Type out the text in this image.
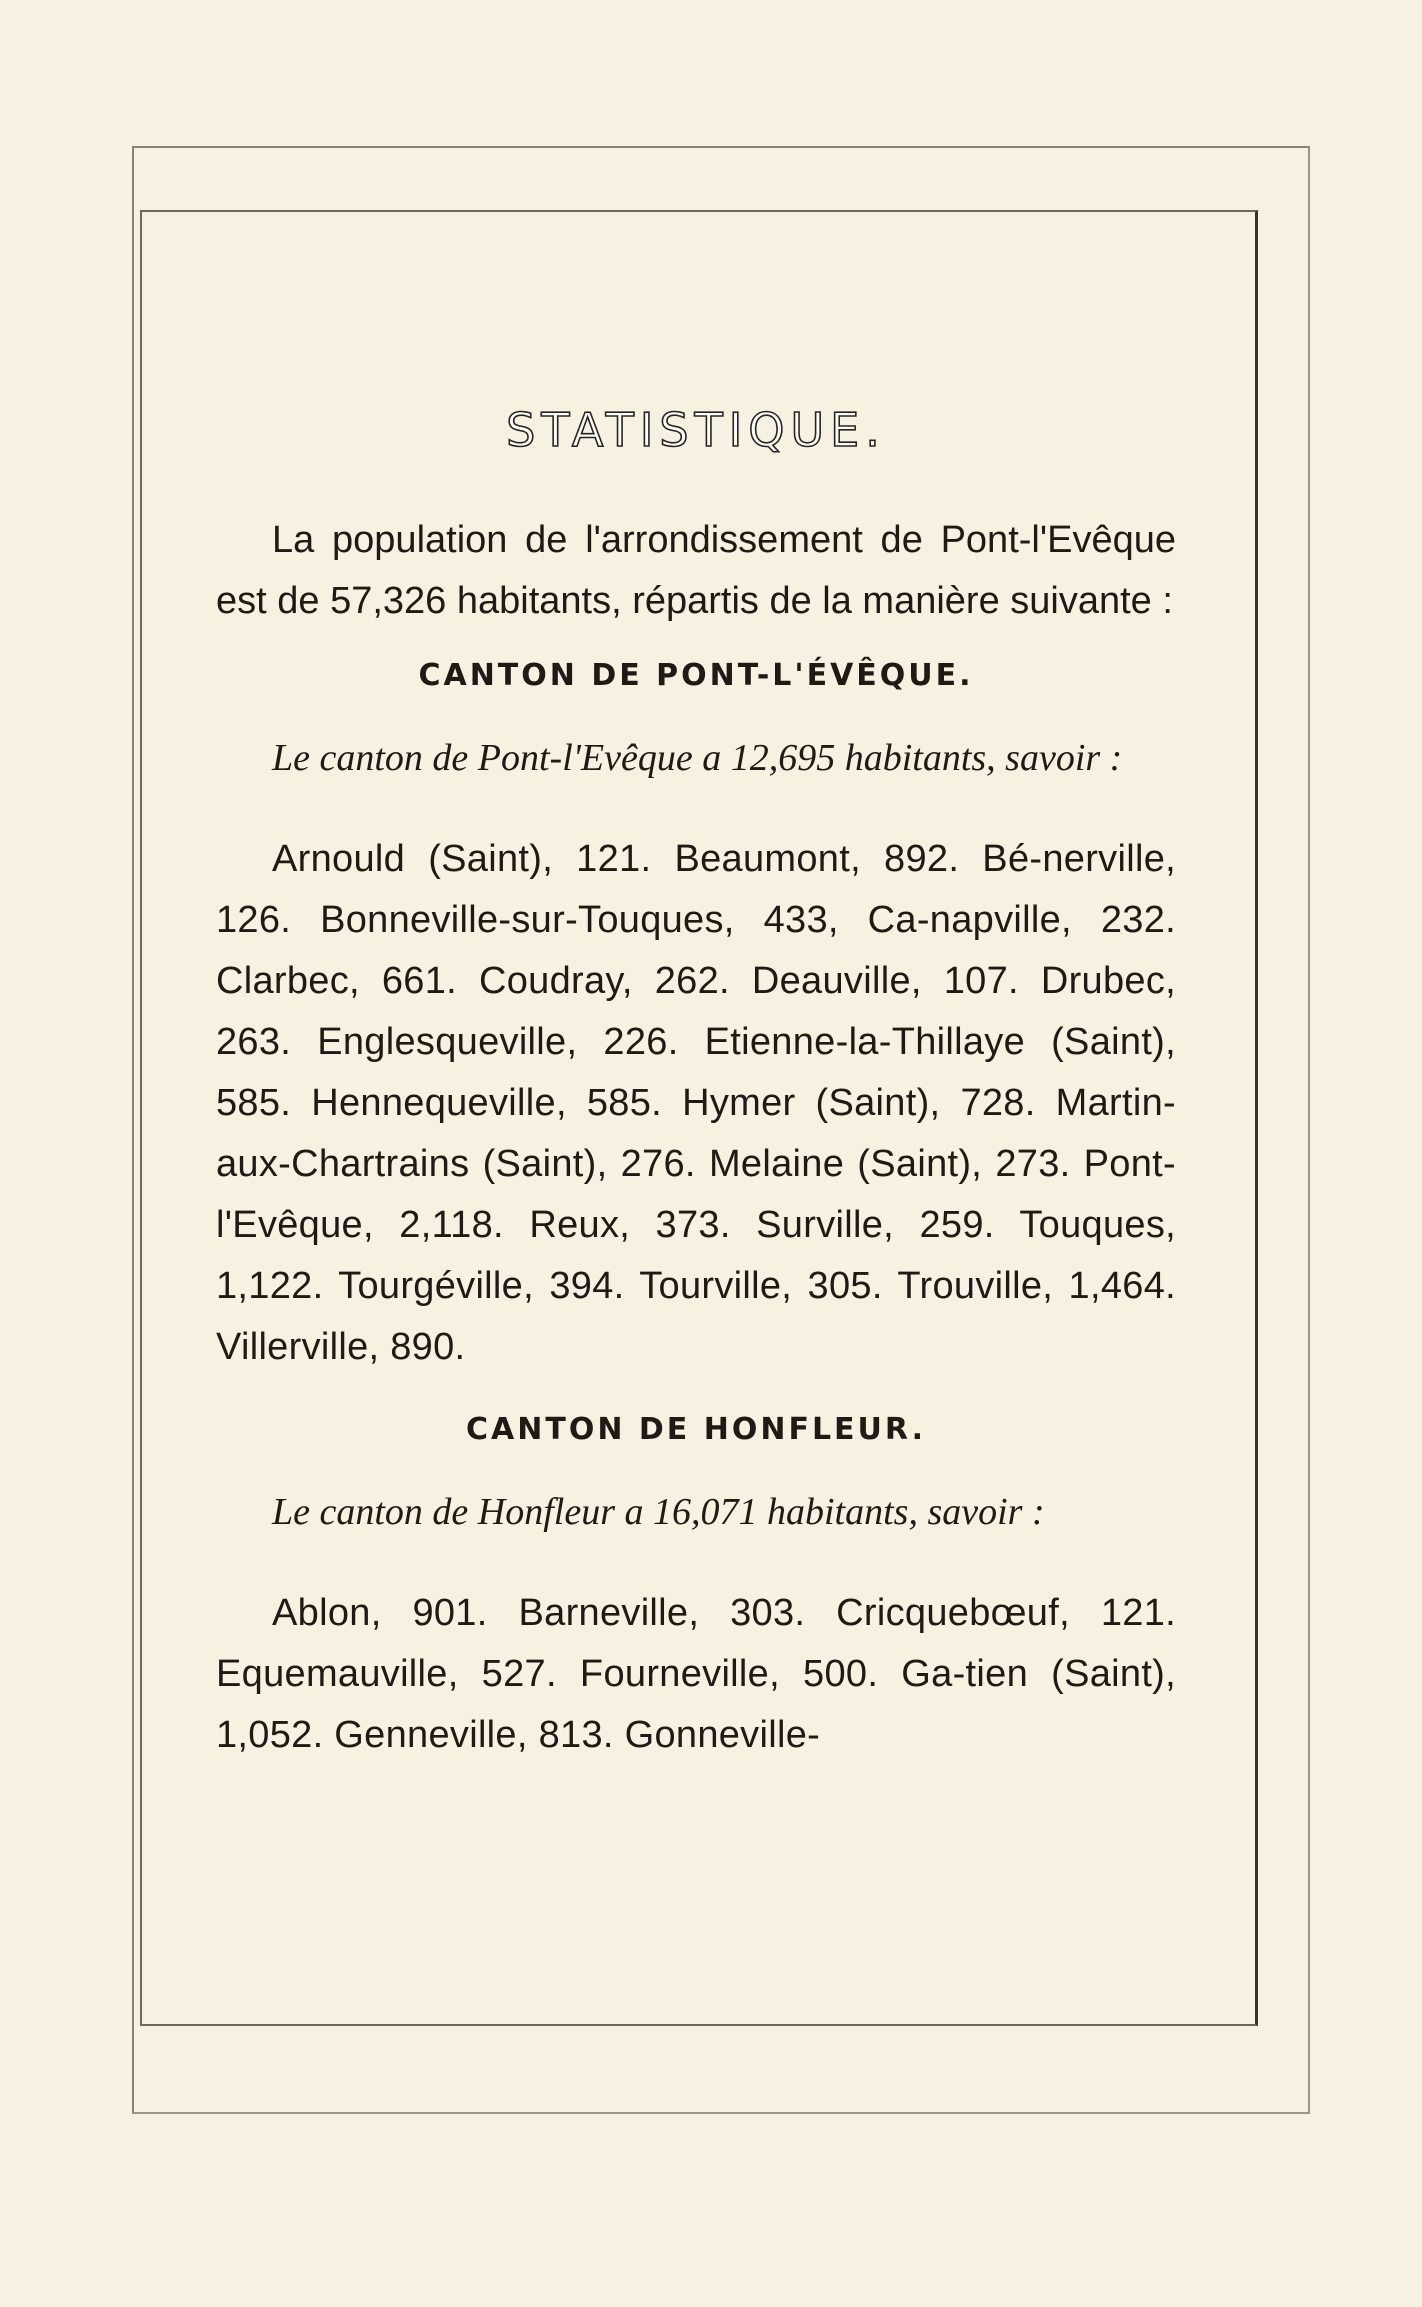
STATISTIQUE.

La population de l'arrondissement de Pont-l'Evêque est de 57,326 habitants, répartis de la manière suivante :

CANTON DE PONT-L'ÉVÊQUE.

Le canton de Pont-l'Evêque a 12,695 habitants, savoir :

Arnould (Saint), 121. Beaumont, 892. Bé-nerville, 126. Bonneville-sur-Touques, 433, Ca-napville, 232. Clarbec, 661. Coudray, 262. Deauville, 107. Drubec, 263. Englesqueville, 226. Etienne-la-Thillaye (Saint), 585. Hennequeville, 585. Hymer (Saint), 728. Martin-aux-Chartrains (Saint), 276. Melaine (Saint), 273. Pont-l'Evêque, 2,118. Reux, 373. Surville, 259. Touques, 1,122. Tourgéville, 394. Tourville, 305. Trouville, 1,464. Villerville, 890.

CANTON DE HONFLEUR.

Le canton de Honfleur a 16,071 habitants, savoir :

Ablon, 901. Barneville, 303. Cricquebœuf, 121. Equemauville, 527. Fourneville, 500. Ga-tien (Saint), 1,052. Genneville, 813. Gonneville-
